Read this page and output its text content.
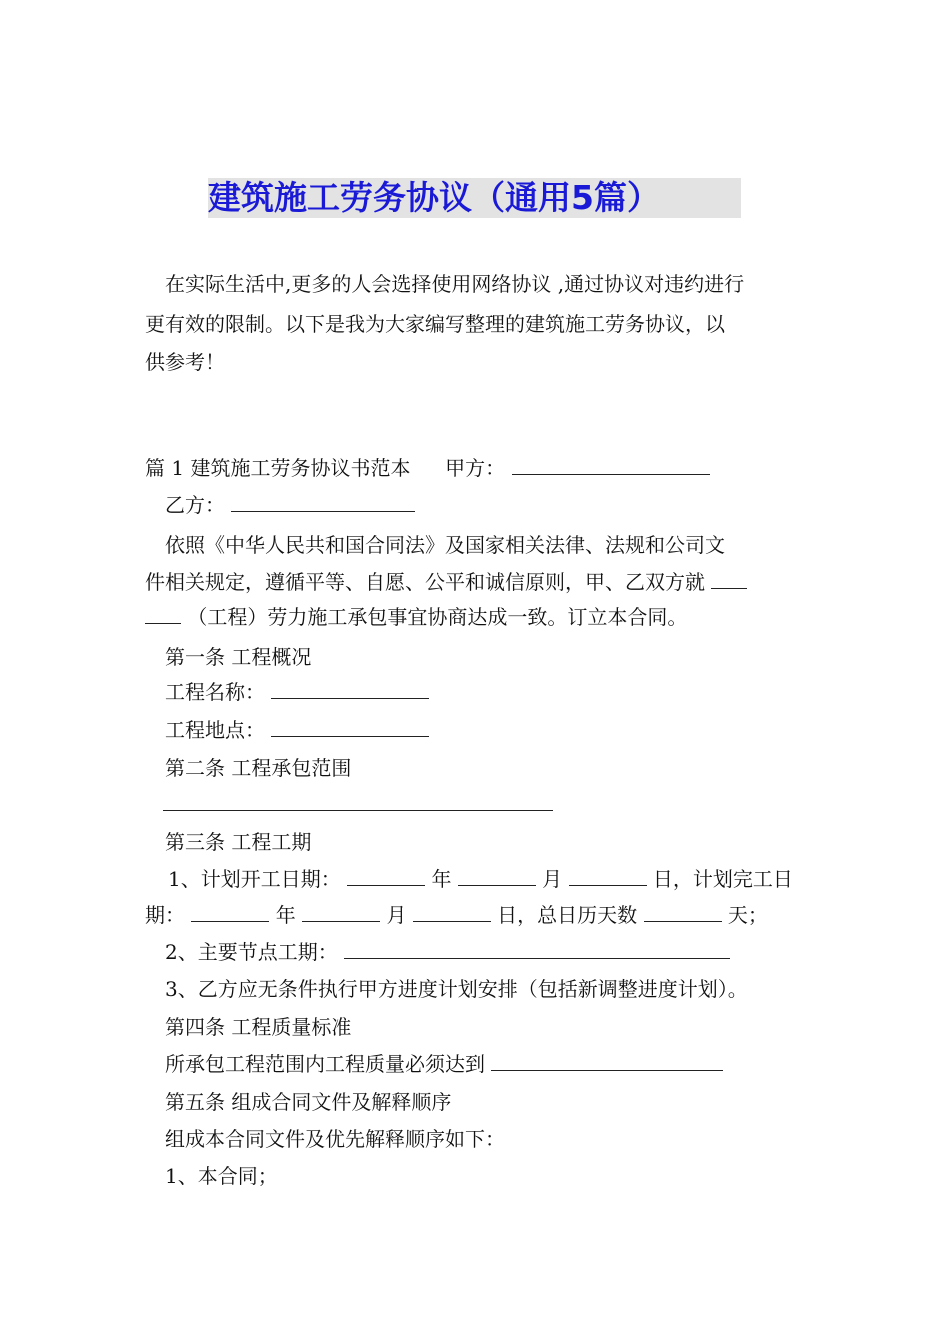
建筑施工劳务协议（通用5篇）
在实际生活中,更多的人会选择使用网络协议 ,通过协议对违约进行
更有效的限制。以下是我为大家编写整理的建筑施工劳务协议，以
供参考！
篇 1 建筑施工劳务协议书范本 甲方：
乙方：
依照《中华人民共和国合同法》及国家相关法律、法规和公司文
件相关规定，遵循平等、自愿、公平和诚信原则，甲、乙双方就
（工程）劳力施工承包事宜协商达成一致。订立本合同。
第一条 工程概况
工程名称：
工程地点：
第二条 工程承包范围
第三条 工程工期
1、计划开工日期：	年	月	日，计划完工日
期：	年	月	日，总日历天数	天；
2、主要节点工期：
3、乙方应无条件执行甲方进度计划安排（包括新调整进度计划）。
第四条 工程质量标准
所承包工程范围内工程质量必须达到
第五条 组成合同文件及解释顺序
组成本合同文件及优先解释顺序如下：
1、本合同；
